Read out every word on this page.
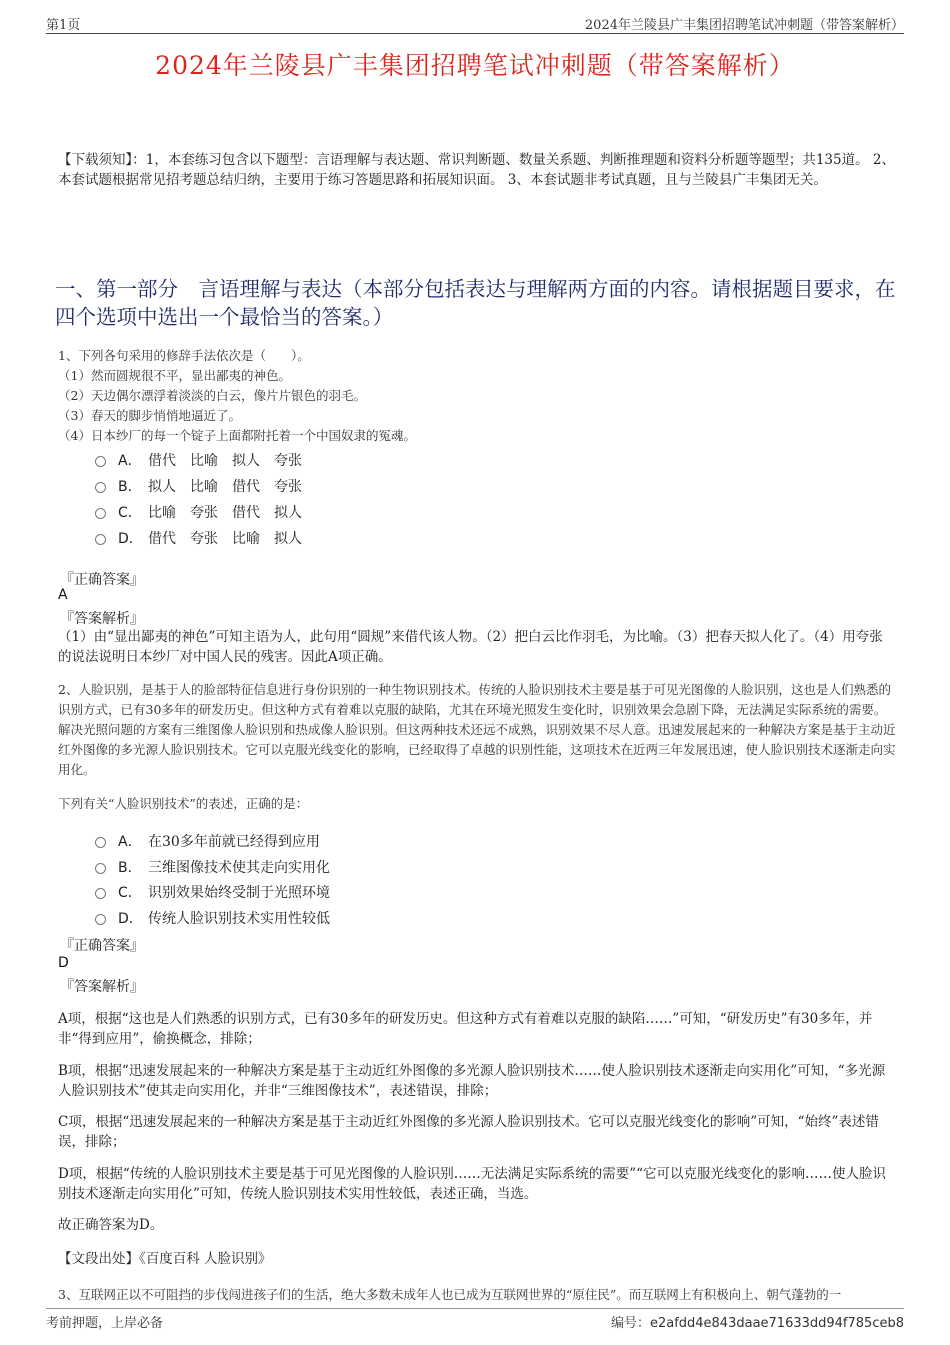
第1页	2024年兰陵县广丰集团招聘笔试冲刺题（带答案解析）
2024年兰陵县广丰集团招聘笔试冲刺题（带答案解析）
【下载须知】：1，本套练习包含以下题型：言语理解与表达题、常识判断题、数量关系题、判断推理题和资料分析题等题型；共135道。 2、本套试题根据常见招考题总结归纳，主要用于练习答题思路和拓展知识面。 3、本套试题非考试真题，且与兰陵县广丰集团无关。
一、第一部分　言语理解与表达（本部分包括表达与理解两方面的内容。请根据题目要求，在四个选项中选出一个最恰当的答案。）
1、下列各句采用的修辞手法依次是（　　）。
（1）然而圆规很不平，显出鄙夷的神色。
（2）天边偶尔漂浮着淡淡的白云，像片片银色的羽毛。
（3）春天的脚步悄悄地逼近了。
（4）日本纱厂的每一个锭子上面都附托着一个中国奴隶的冤魂。
A． 借代　比喻　拟人　夸张
B． 拟人　比喻　借代　夸张
C． 比喻　夸张　借代　拟人
D． 借代　夸张　比喻　拟人
『正确答案』
A
『答案解析』
（1）由“显出鄙夷的神色”可知主语为人，此句用“圆规”来借代该人物。（2）把白云比作羽毛，为比喻。（3）把春天拟人化了。（4）用夸张的说法说明日本纱厂对中国人民的残害。因此A项正确。
2、人脸识别，是基于人的脸部特征信息进行身份识别的一种生物识别技术。传统的人脸识别技术主要是基于可见光图像的人脸识别，这也是人们熟悉的识别方式，已有30多年的研发历史。但这种方式有着难以克服的缺陷，尤其在环境光照发生变化时，识别效果会急剧下降，无法满足实际系统的需要。解决光照问题的方案有三维图像人脸识别和热成像人脸识别。但这两种技术还远不成熟，识别效果不尽人意。迅速发展起来的一种解决方案是基于主动近红外图像的多光源人脸识别技术。它可以克服光线变化的影响，已经取得了卓越的识别性能，这项技术在近两三年发展迅速，使人脸识别技术逐渐走向实用化。
下列有关“人脸识别技术”的表述，正确的是：
A． 在30多年前就已经得到应用
B． 三维图像技术使其走向实用化
C． 识别效果始终受制于光照环境
D． 传统人脸识别技术实用性较低
『正确答案』
D
『答案解析』
A项，根据“这也是人们熟悉的识别方式，已有30多年的研发历史。但这种方式有着难以克服的缺陷……”可知，“研发历史”有30多年，并非“得到应用”，偷换概念，排除；
B项，根据“迅速发展起来的一种解决方案是基于主动近红外图像的多光源人脸识别技术……使人脸识别技术逐渐走向实用化”可知，“多光源人脸识别技术”使其走向实用化，并非“三维图像技术”，表述错误，排除；
C项，根据“迅速发展起来的一种解决方案是基于主动近红外图像的多光源人脸识别技术。它可以克服光线变化的影响”可知，“始终”表述错误，排除；
D项，根据“传统的人脸识别技术主要是基于可见光图像的人脸识别……无法满足实际系统的需要”“它可以克服光线变化的影响……使人脸识别技术逐渐走向实用化”可知，传统人脸识别技术实用性较低，表述正确，当选。
故正确答案为D。
【文段出处】《百度百科 人脸识别》
3、互联网正以不可阻挡的步伐闯进孩子们的生活，绝大多数未成年人也已成为互联网世界的“原住民”。而互联网上有积极向上、朝气蓬勃的一
考前押题，上岸必备	编号：e2afdd4e843daae71633dd94f785ceb8
